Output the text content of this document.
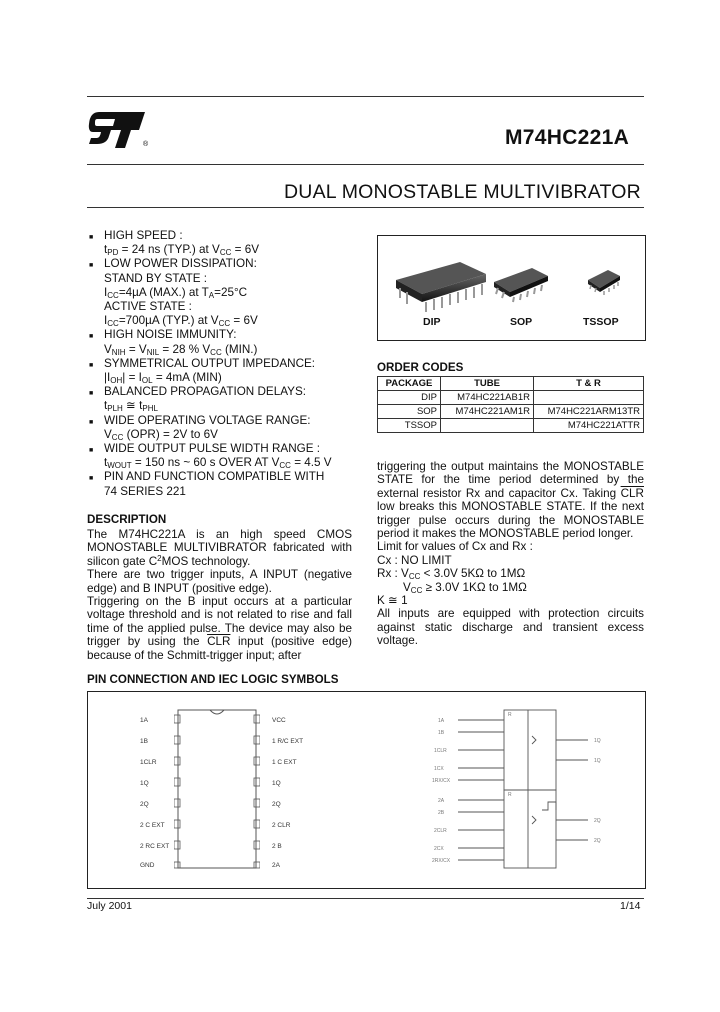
®	M74HC221A
DUAL MONOSTABLE MULTIVIBRATOR
■ HIGH SPEED :
$t_{PD} = 24$ ns (TYP.) at $V_{CC} = 6V$
■ LOW POWER DISSIPATION:
STAND BY STATE :
$I_{CC}=4\mu A$ (MAX.) at $T_A=25^\circ C$
ACTIVE STATE :
$I_{CC}=700\mu A$ (TYP.) at $V_{CC} = 6V$
■ HIGH NOISE IMMUNITY:
$V_{NIH} = V_{NIL} = 28$ % $V_{CC}$ (MIN.)
■ SYMMETRICAL OUTPUT IMPEDANCE:
$|I_{OH}| = I_{OL} = 4mA$ (MIN)
■ BALANCED PROPAGATION DELAYS:
$t_{PLH}$ ≅ $t_{PHL}$
■ WIDE OPERATING VOLTAGE RANGE:
$V_{CC}$ (OPR) = 2V to 6V
■ WIDE OUTPUT PULSE WIDTH RANGE :
$t_{WOUT} = 150$ ns ~ 60 s OVER AT $V_{CC} = 4.5$ V
■ PIN AND FUNCTION COMPATIBLE WITH
74 SERIES 221
DIP	SOP	TSSOP
ORDER CODES
PACKAGE	TUBE	T & R
DIP	M74HC221AB1R	
SOP	M74HC221AM1R	M74HC221ARM13TR
TSSOP		M74HC221ATTR
DESCRIPTION
The M74HC221A is an high speed CMOS MONOSTABLE MULTIVIBRATOR fabricated with silicon gate $C^2MOS$ technology.
There are two trigger inputs, A INPUT (negative edge) and B INPUT (positive edge).
Triggering on the B input occurs at a particular voltage threshold and is not related to rise and fall time of the applied pulse. The device may also be trigger by using the $\overline{CLR}$ input (positive edge) because of the Schmitt-trigger input; after
triggering the output maintains the MONOSTABLE STATE for the time period determined by the external resistor Rx and capacitor Cx. Taking $\overline{CLR}$ low breaks this MONOSTABLE STATE. If the next trigger pulse occurs during the MONOSTABLE period it makes the MONOSTABLE period longer.
Limit for values of Cx and Rx :
Cx : NO LIMIT
Rx : $V_{CC} < 3.0V$ 5KΩ to 1MΩ
$V_{CC} \ge 3.0V$ 1KΩ to 1MΩ
K ≅ 1
All inputs are equipped with protection circuits against static discharge and transient excess voltage.
PIN CONNECTION AND IEC LOGIC SYMBOLS
1A
1B
1CLR
1Q
2Q
2 C EXT
2 RC EXT
GND
VCC
1 R/C EXT
1 C EXT
1Q
2Q
2 CLR
2 B
2A
R
R
1A
1B
1CLR
1CX
1RX/CX
2A
2B
2CLR
2CX
2RX/CX
1Q
1Q
2Q
2Q
July 2001	1/14
